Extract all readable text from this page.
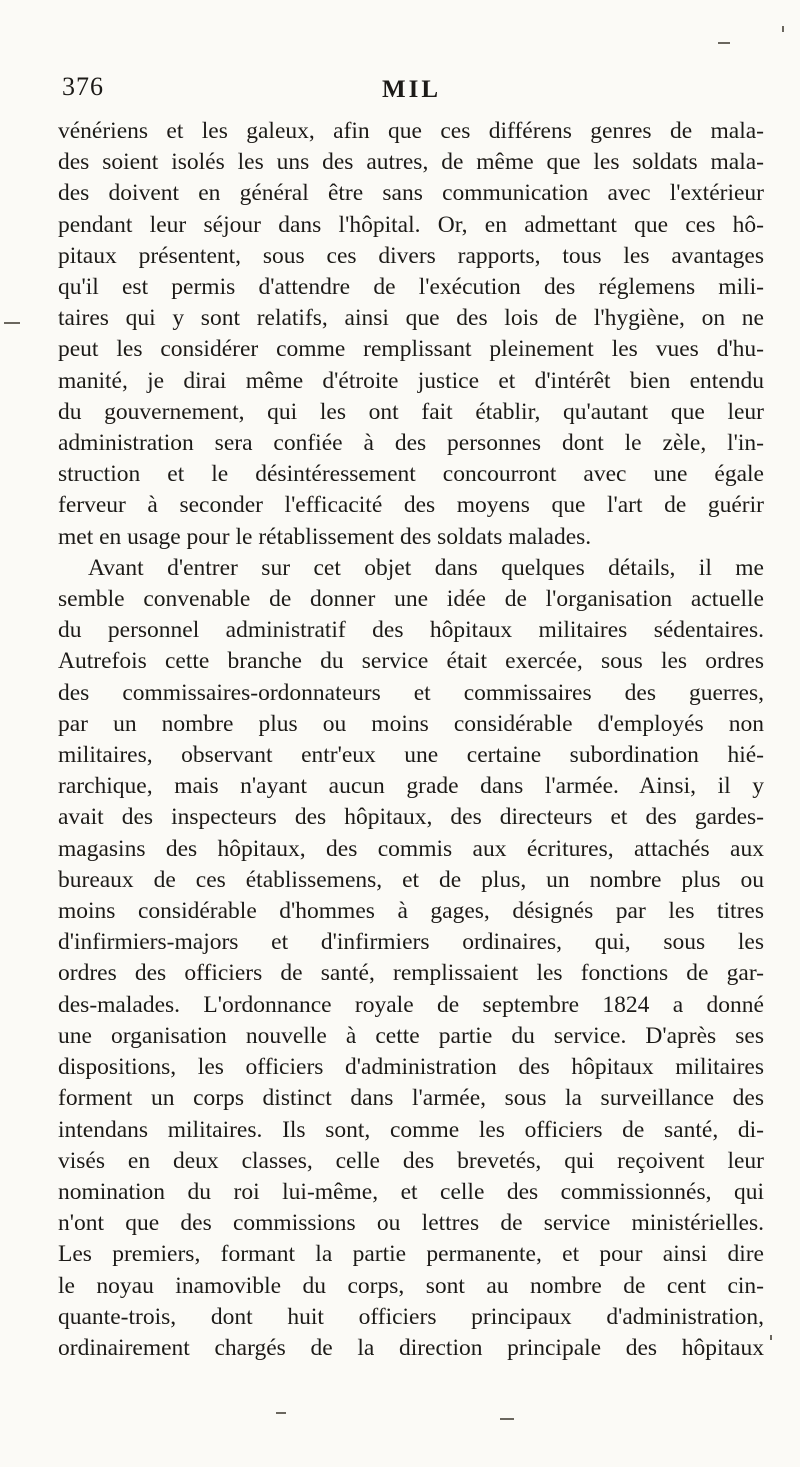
376	MIL
vénériens et les galeux, afin que ces différens genres de mala-
des soient isolés les uns des autres, de même que les soldats mala-
des doivent en général être sans communication avec l'extérieur
pendant leur séjour dans l'hôpital. Or, en admettant que ces hô-
pitaux présentent, sous ces divers rapports, tous les avantages
qu'il est permis d'attendre de l'exécution des réglemens mili-
taires qui y sont relatifs, ainsi que des lois de l'hygiène, on ne
peut les considérer comme remplissant pleinement les vues d'hu-
manité, je dirai même d'étroite justice et d'intérêt bien entendu
du gouvernement, qui les ont fait établir, qu'autant que leur
administration sera confiée à des personnes dont le zèle, l'in-
struction et le désintéressement concourront avec une égale
ferveur à seconder l'efficacité des moyens que l'art de guérir
met en usage pour le rétablissement des soldats malades.
Avant d'entrer sur cet objet dans quelques détails, il me
semble convenable de donner une idée de l'organisation actuelle
du personnel administratif des hôpitaux militaires sédentaires.
Autrefois cette branche du service était exercée, sous les ordres
des commissaires-ordonnateurs et commissaires des guerres,
par un nombre plus ou moins considérable d'employés non
militaires, observant entr'eux une certaine subordination hié-
rarchique, mais n'ayant aucun grade dans l'armée. Ainsi, il y
avait des inspecteurs des hôpitaux, des directeurs et des gardes-
magasins des hôpitaux, des commis aux écritures, attachés aux
bureaux de ces établissemens, et de plus, un nombre plus ou
moins considérable d'hommes à gages, désignés par les titres
d'infirmiers-majors et d'infirmiers ordinaires, qui, sous les
ordres des officiers de santé, remplissaient les fonctions de gar-
des-malades. L'ordonnance royale de septembre 1824 a donné
une organisation nouvelle à cette partie du service. D'après ses
dispositions, les officiers d'administration des hôpitaux militaires
forment un corps distinct dans l'armée, sous la surveillance des
intendans militaires. Ils sont, comme les officiers de santé, di-
visés en deux classes, celle des brevetés, qui reçoivent leur
nomination du roi lui-même, et celle des commissionnés, qui
n'ont que des commissions ou lettres de service ministérielles.
Les premiers, formant la partie permanente, et pour ainsi dire
le noyau inamovible du corps, sont au nombre de cent cin-
quante-trois, dont huit officiers principaux d'administration,
ordinairement chargés de la direction principale des hôpitaux
